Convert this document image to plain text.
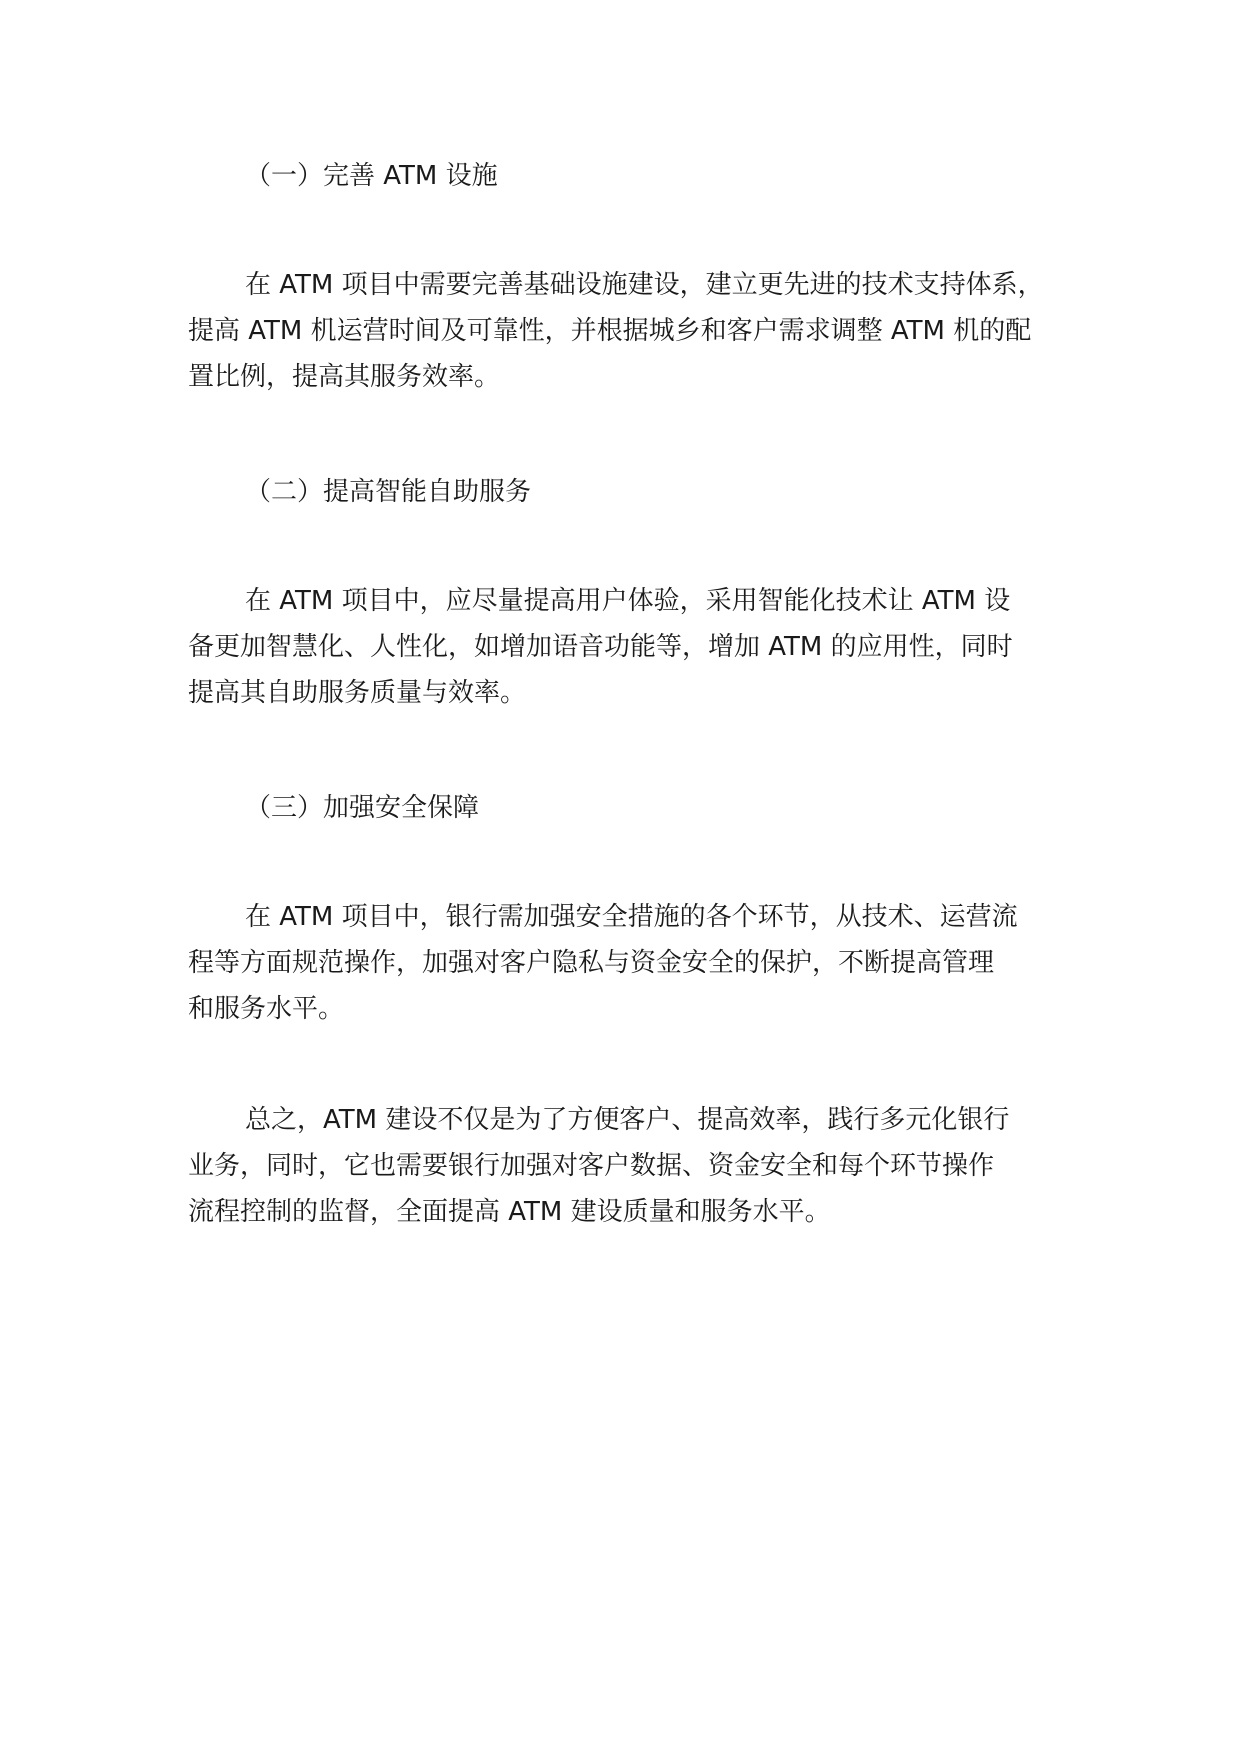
（一）完善 ATM 设施
在 ATM 项目中需要完善基础设施建设，建立更先进的技术支持体系，
提高 ATM 机运营时间及可靠性，并根据城乡和客户需求调整 ATM 机的配
置比例，提高其服务效率。
（二）提高智能自助服务
在 ATM 项目中，应尽量提高用户体验，采用智能化技术让 ATM 设
备更加智慧化、人性化，如增加语音功能等，增加 ATM 的应用性，同时
提高其自助服务质量与效率。
（三）加强安全保障
在 ATM 项目中，银行需加强安全措施的各个环节，从技术、运营流
程等方面规范操作，加强对客户隐私与资金安全的保护，不断提高管理
和服务水平。
总之，ATM 建设不仅是为了方便客户、提高效率，践行多元化银行
业务，同时，它也需要银行加强对客户数据、资金安全和每个环节操作
流程控制的监督，全面提高 ATM 建设质量和服务水平。
